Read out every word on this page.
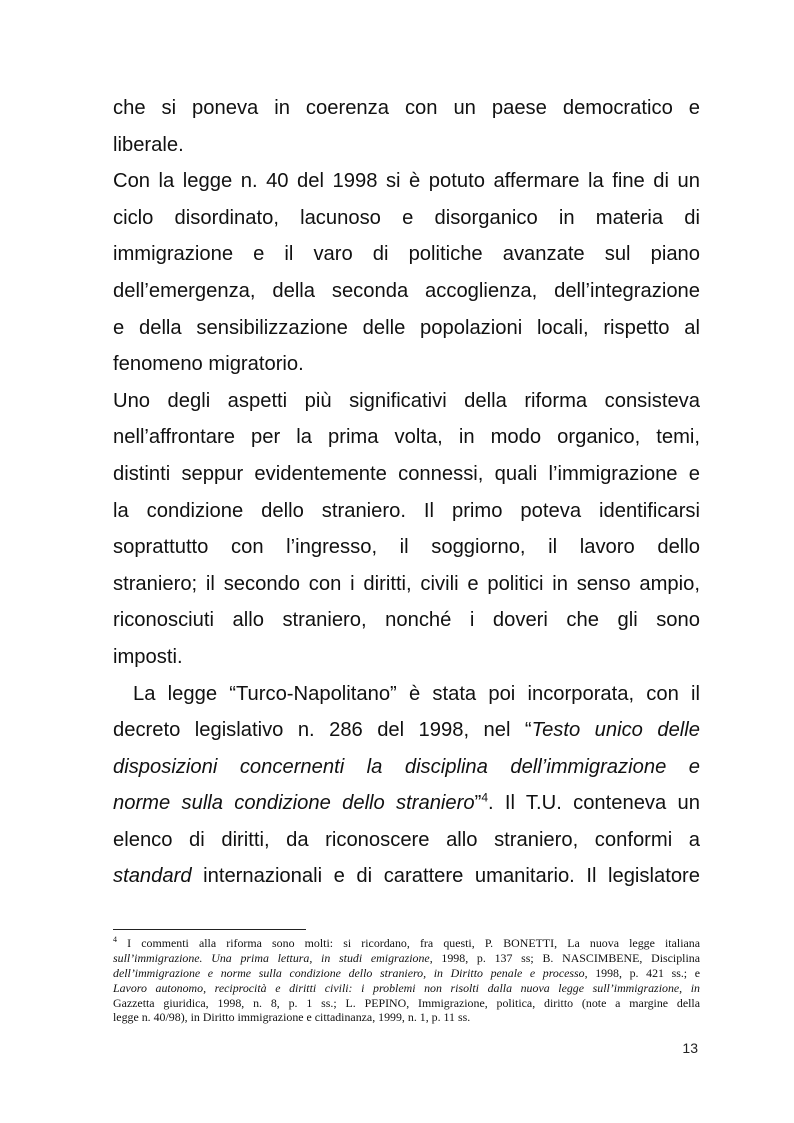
che si poneva in coerenza con un paese democratico e
liberale.
Con la legge n. 40 del 1998 si è potuto affermare la fine di un
ciclo disordinato, lacunoso e disorganico in materia di
immigrazione e il varo di politiche avanzate sul piano
dell’emergenza, della seconda accoglienza, dell’integrazione
e della sensibilizzazione delle popolazioni locali, rispetto al
fenomeno migratorio.
Uno degli aspetti più significativi della riforma consisteva
nell’affrontare per la prima volta, in modo organico, temi,
distinti seppur evidentemente connessi, quali l’immigrazione e
la condizione dello straniero. Il primo poteva identificarsi
soprattutto con l’ingresso, il soggiorno, il lavoro dello
straniero; il secondo con i diritti, civili e politici in senso ampio,
riconosciuti allo straniero, nonché i doveri che gli sono
imposti.
La legge “Turco-Napolitano” è stata poi incorporata, con il
decreto legislativo n. 286 del 1998, nel “Testo unico delle
disposizioni concernenti la disciplina dell’immigrazione e
norme sulla condizione dello straniero”$^4$. Il T.U. conteneva un
elenco di diritti, da riconoscere allo straniero, conformi a
standard internazionali e di carattere umanitario. Il legislatore
$^4$ I commenti alla riforma sono molti: si ricordano, fra questi, P. BONETTI, La nuova legge italiana
sull’immigrazione. Una prima lettura, in studi emigrazione, 1998, p. 137 ss; B. NASCIMBENE, Disciplina
dell’immigrazione e norme sulla condizione dello straniero, in Diritto penale e processo, 1998, p. 421 ss.; e
Lavoro autonomo, reciprocità e diritti civili: i problemi non risolti dalla nuova legge sull’immigrazione, in
Gazzetta giuridica, 1998, n. 8, p. 1 ss.; L. PEPINO, Immigrazione, politica, diritto (note a margine della
legge n. 40/98), in Diritto immigrazione e cittadinanza, 1999, n. 1, p. 11 ss.
13
